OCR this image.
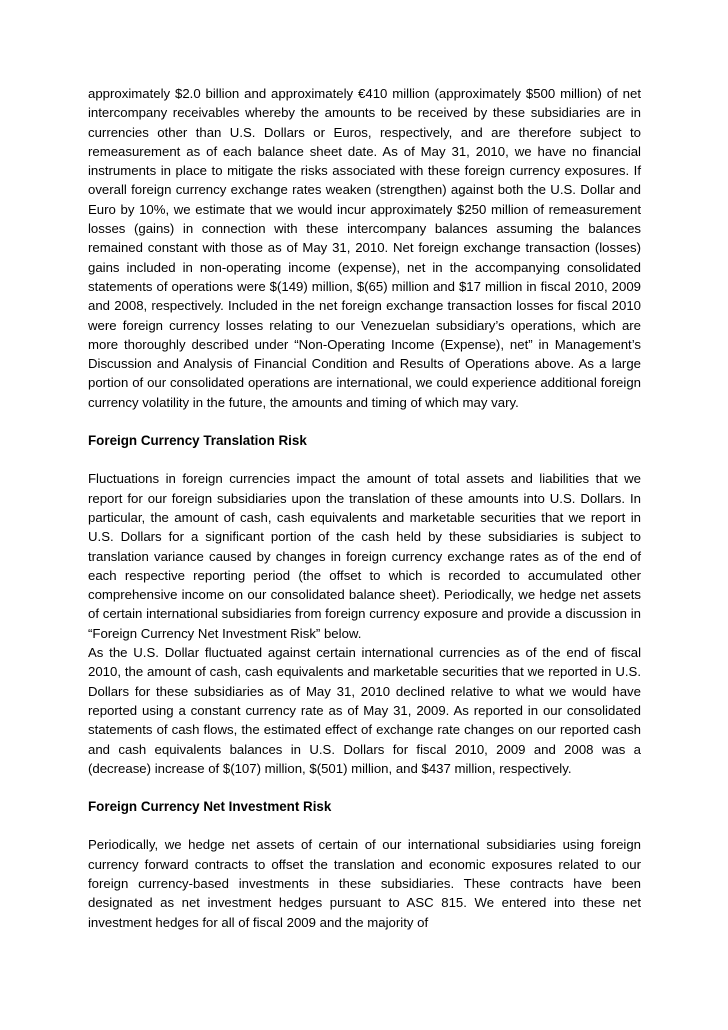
approximately $2.0 billion and approximately €410 million (approximately $500 million) of net intercompany receivables whereby the amounts to be received by these subsidiaries are in currencies other than U.S. Dollars or Euros, respectively, and are therefore subject to remeasurement as of each balance sheet date. As of May 31, 2010, we have no financial instruments in place to mitigate the risks associated with these foreign currency exposures. If overall foreign currency exchange rates weaken (strengthen) against both the U.S. Dollar and Euro by 10%, we estimate that we would incur approximately $250 million of remeasurement losses (gains) in connection with these intercompany balances assuming the balances remained constant with those as of May 31, 2010. Net foreign exchange transaction (losses) gains included in non-operating income (expense), net in the accompanying consolidated statements of operations were $(149) million, $(65) million and $17 million in fiscal 2010, 2009 and 2008, respectively. Included in the net foreign exchange transaction losses for fiscal 2010 were foreign currency losses relating to our Venezuelan subsidiary’s operations, which are more thoroughly described under “Non-Operating Income (Expense), net” in Management’s Discussion and Analysis of Financial Condition and Results of Operations above. As a large portion of our consolidated operations are international, we could experience additional foreign currency volatility in the future, the amounts and timing of which may vary.

Foreign Currency Translation Risk

Fluctuations in foreign currencies impact the amount of total assets and liabilities that we report for our foreign subsidiaries upon the translation of these amounts into U.S. Dollars. In particular, the amount of cash, cash equivalents and marketable securities that we report in U.S. Dollars for a significant portion of the cash held by these subsidiaries is subject to translation variance caused by changes in foreign currency exchange rates as of the end of each respective reporting period (the offset to which is recorded to accumulated other comprehensive income on our consolidated balance sheet). Periodically, we hedge net assets of certain international subsidiaries from foreign currency exposure and provide a discussion in “Foreign Currency Net Investment Risk” below.

As the U.S. Dollar fluctuated against certain international currencies as of the end of fiscal 2010, the amount of cash, cash equivalents and marketable securities that we reported in U.S. Dollars for these subsidiaries as of May 31, 2010 declined relative to what we would have reported using a constant currency rate as of May 31, 2009. As reported in our consolidated statements of cash flows, the estimated effect of exchange rate changes on our reported cash and cash equivalents balances in U.S. Dollars for fiscal 2010, 2009 and 2008 was a (decrease) increase of $(107) million, $(501) million, and $437 million, respectively.

Foreign Currency Net Investment Risk

Periodically, we hedge net assets of certain of our international subsidiaries using foreign currency forward contracts to offset the translation and economic exposures related to our foreign currency-based investments in these subsidiaries. These contracts have been designated as net investment hedges pursuant to ASC 815. We entered into these net investment hedges for all of fiscal 2009 and the majority of
